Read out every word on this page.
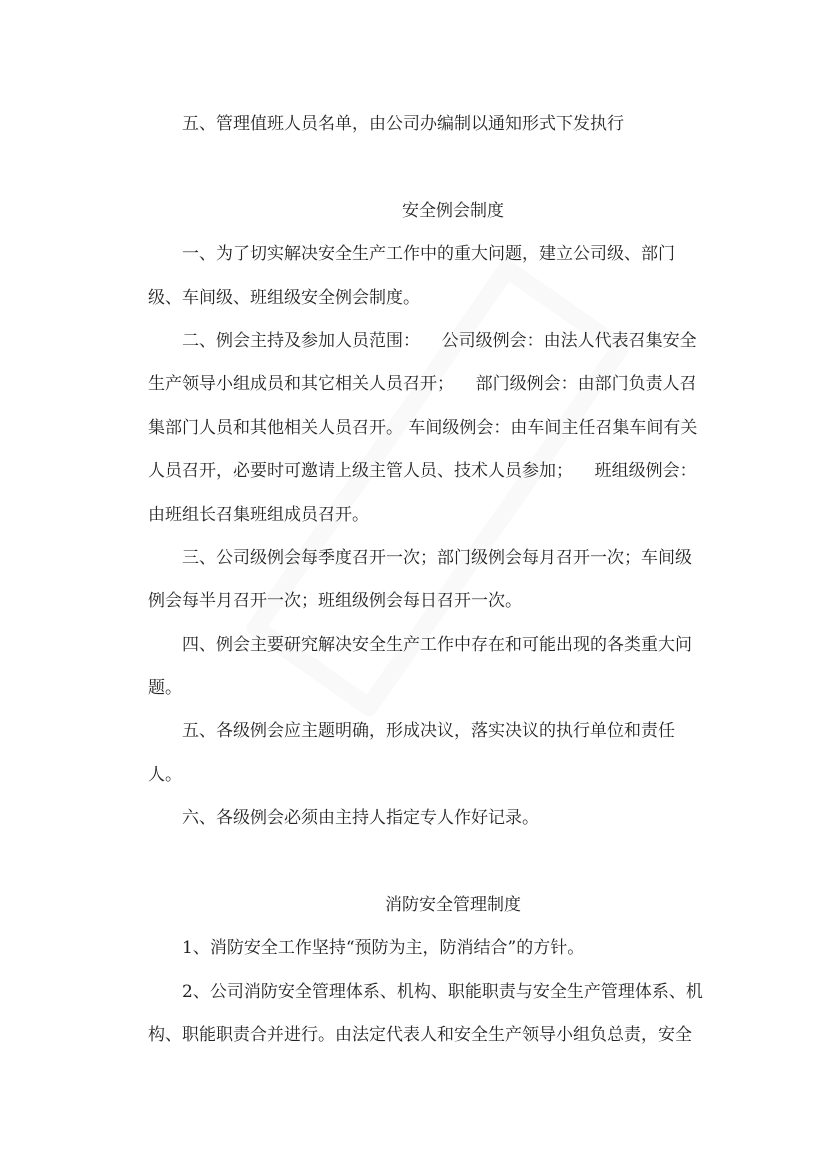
五、管理值班人员名单，由公司办编制以通知形式下发执行
安全例会制度
一、为了切实解决安全生产工作中的重大问题，建立公司级、部门
级、车间级、班组级安全例会制度。
二、例会主持及参加人员范围：    公司级例会：由法人代表召集安全
生产领导小组成员和其它相关人员召开；    部门级例会：由部门负责人召
集部门人员和其他相关人员召开。 车间级例会：由车间主任召集车间有关
人员召开，必要时可邀请上级主管人员、技术人员参加；    班组级例会：
由班组长召集班组成员召开。
三、公司级例会每季度召开一次；部门级例会每月召开一次；车间级
例会每半月召开一次；班组级例会每日召开一次。
四、例会主要研究解决安全生产工作中存在和可能出现的各类重大问
题。
五、各级例会应主题明确，形成决议，落实决议的执行单位和责任
人。
六、各级例会必须由主持人指定专人作好记录。
消防安全管理制度
1、消防安全工作坚持“预防为主，防消结合”的方针。
2、公司消防安全管理体系、机构、职能职责与安全生产管理体系、机
构、职能职责合并进行。由法定代表人和安全生产领导小组负总责，安全
